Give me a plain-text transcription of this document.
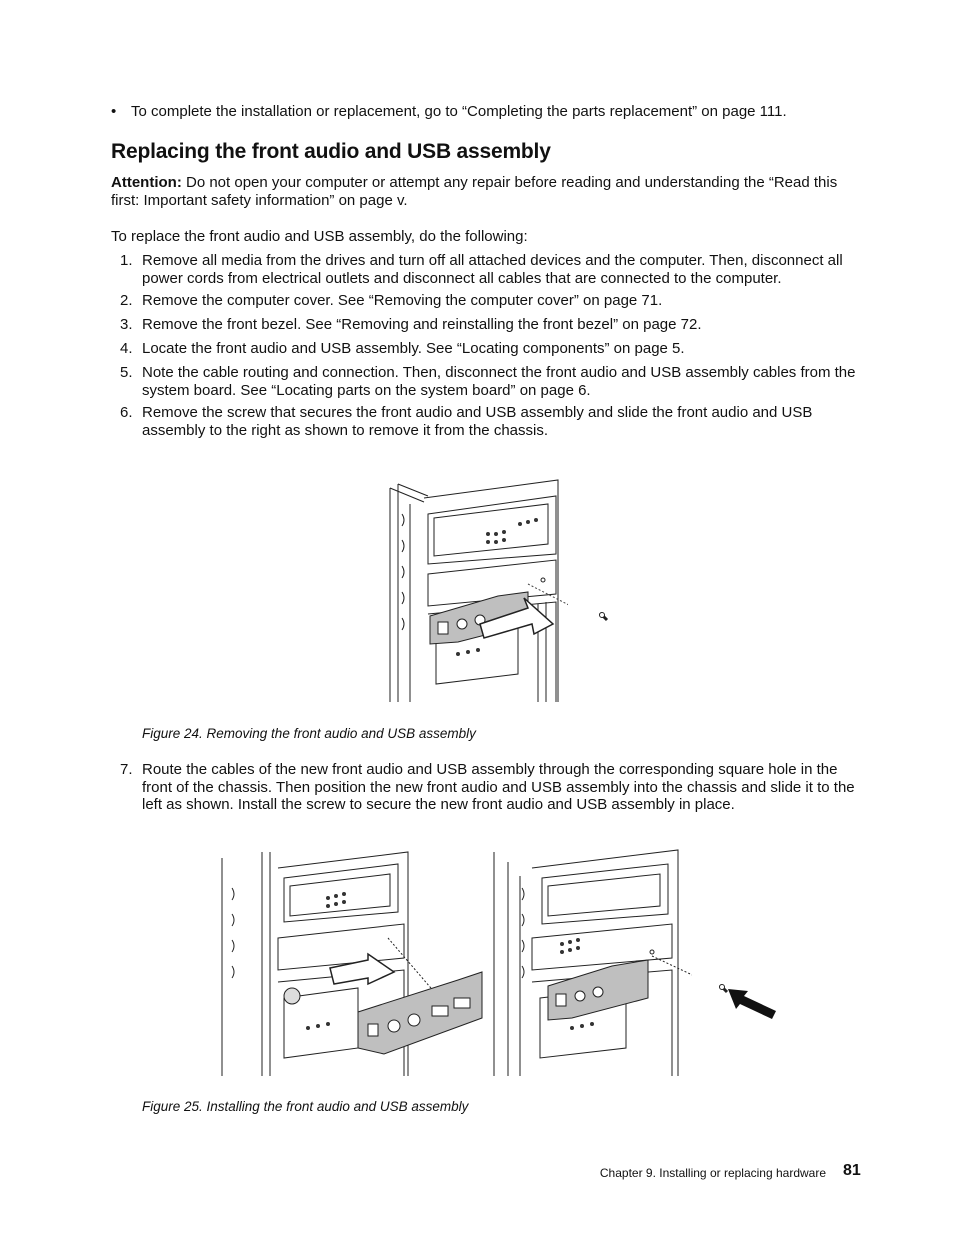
• To complete the installation or replacement, go to “Completing the parts replacement” on page 111.
Replacing the front audio and USB assembly
Attention: Do not open your computer or attempt any repair before reading and understanding the “Read this first: Important safety information” on page v.
To replace the front audio and USB assembly, do the following:
1. Remove all media from the drives and turn off all attached devices and the computer. Then, disconnect all power cords from electrical outlets and disconnect all cables that are connected to the computer.
2. Remove the computer cover. See “Removing the computer cover” on page 71.
3. Remove the front bezel. See “Removing and reinstalling the front bezel” on page 72.
4. Locate the front audio and USB assembly. See “Locating components” on page 5.
5. Note the cable routing and connection. Then, disconnect the front audio and USB assembly cables from the system board. See “Locating parts on the system board” on page 6.
6. Remove the screw that secures the front audio and USB assembly and slide the front audio and USB assembly to the right as shown to remove it from the chassis.
7. Route the cables of the new front audio and USB assembly through the corresponding square hole in the front of the chassis. Then position the new front audio and USB assembly into the chassis and slide it to the left as shown. Install the screw to secure the new front audio and USB assembly in place.
Figure 24. Removing the front audio and USB assembly
Figure 25. Installing the front audio and USB assembly
Chapter 9. Installing or replacing hardware 81
